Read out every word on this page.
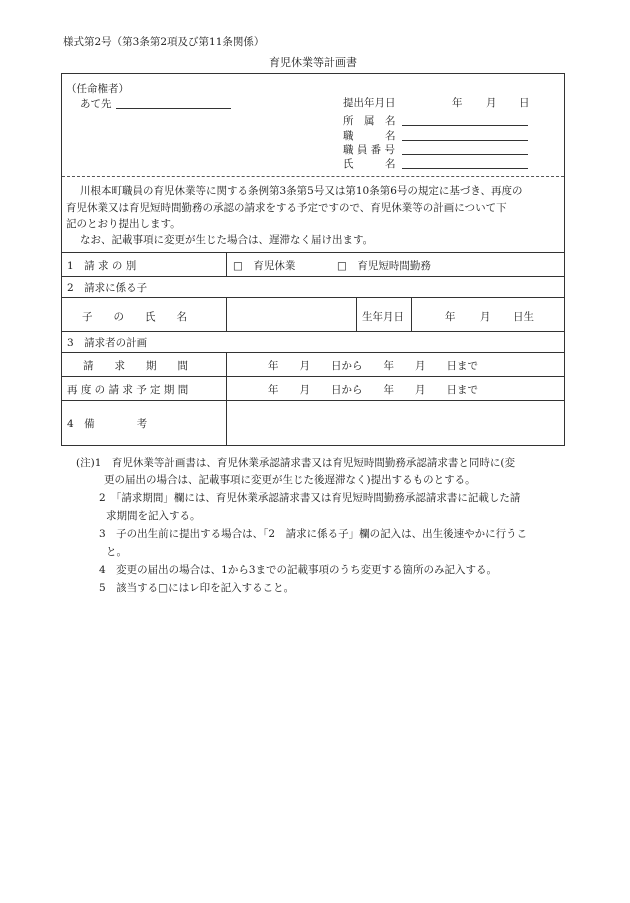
様式第2号（第3条第2項及び第11条関係）
育児休業等計画書
（任命権者）
あて先	提出年月日	年 月 日
所　属　名
職　　　名
職 員 番 号
氏　　　名
川根本町職員の育児休業等に関する条例第3条第5号又は第10条第6号の規定に基づき、再度の
育児休業又は育児短時間勤務の承認の請求をする予定ですので、育児休業等の計画について下
記のとおり提出します。
なお、記載事項に変更が生じた場合は、遅滞なく届け出ます。
1　請 求 の 別	□　育児休業	□　育児短時間勤務
2　請求に係る子
子　　の　　氏　　名	生年月日	年 月 日生
3　請求者の計画
請　　求　　期　　間	年　　月　　日から　　年　　月　　日まで
再 度 の 請 求 予 定 期 間	年　　月　　日から　　年　　月　　日まで
4　備　　　　考
(注)1　育児休業等計画書は、育児休業承認請求書又は育児短時間勤務承認請求書と同時に(変
更の届出の場合は、記載事項に変更が生じた後遅滞なく)提出するものとする。
2　「請求期間」欄には、育児休業承認請求書又は育児短時間勤務承認請求書に記載した請
求期間を記入する。
3　子の出生前に提出する場合は、「2　請求に係る子」欄の記入は、出生後速やかに行うこ
と。
4　変更の届出の場合は、1から3までの記載事項のうち変更する箇所のみ記入する。
5　該当する□にはレ印を記入すること。
